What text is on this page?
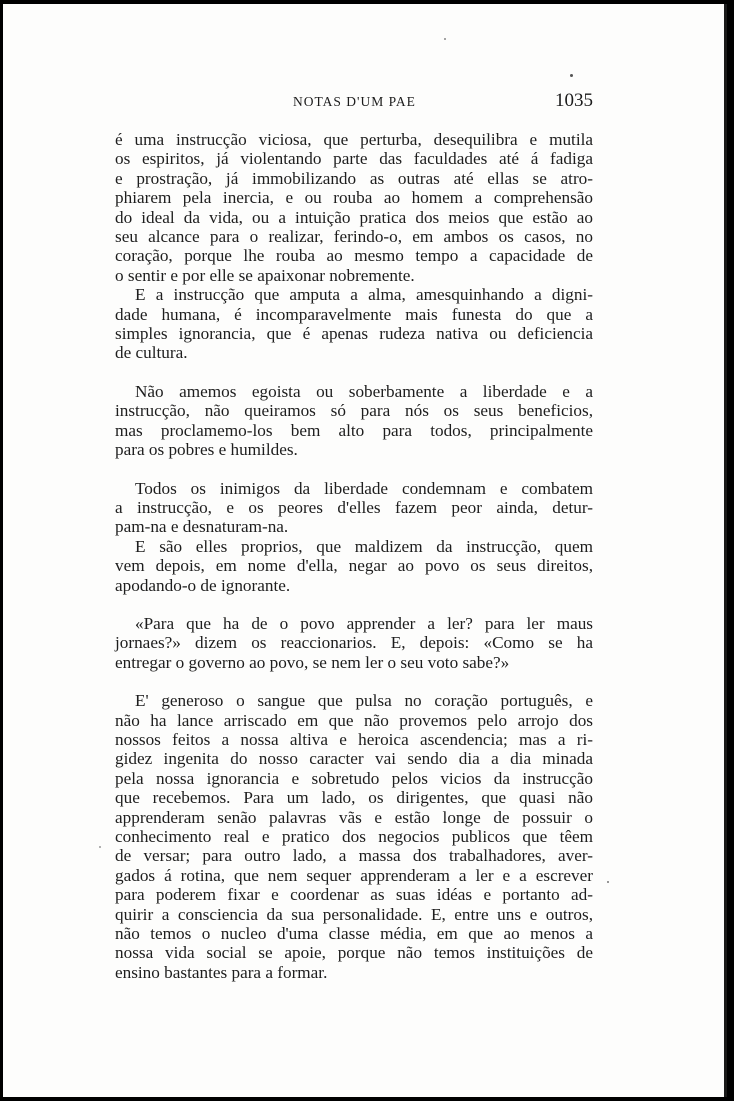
NOTAS D'UM PAE	1035

é uma instrucção viciosa, que perturba, desequilibra e mutila
os espiritos, já violentando parte das faculdades até á fadiga
e prostração, já immobilizando as outras até ellas se atro-
phiarem pela inercia, e ou rouba ao homem a comprehensão
do ideal da vida, ou a intuição pratica dos meios que estão ao
seu alcance para o realizar, ferindo-o, em ambos os casos, no
coração, porque lhe rouba ao mesmo tempo a capacidade de
o sentir e por elle se apaixonar nobremente.

E a instrucção que amputa a alma, amesquinhando a digni-
dade humana, é incomparavelmente mais funesta do que a
simples ignorancia, que é apenas rudeza nativa ou deficiencia
de cultura.

Não amemos egoista ou soberbamente a liberdade e a
instrucção, não queiramos só para nós os seus beneficios,
mas proclamemo-los bem alto para todos, principalmente
para os pobres e humildes.

Todos os inimigos da liberdade condemnam e combatem
a instrucção, e os peores d'elles fazem peor ainda, detur-
pam-na e desnaturam-na.

E são elles proprios, que maldizem da instrucção, quem
vem depois, em nome d'ella, negar ao povo os seus direitos,
apodando-o de ignorante.

«Para que ha de o povo apprender a ler? para ler maus
jornaes?» dizem os reaccionarios. E, depois: «Como se ha
entregar o governo ao povo, se nem ler o seu voto sabe?»

E' generoso o sangue que pulsa no coração português, e
não ha lance arriscado em que não provemos pelo arrojo dos
nossos feitos a nossa altiva e heroica ascendencia; mas a ri-
gidez ingenita do nosso caracter vai sendo dia a dia minada
pela nossa ignorancia e sobretudo pelos vicios da instrucção
que recebemos. Para um lado, os dirigentes, que quasi não
apprenderam senão palavras vãs e estão longe de possuir o
conhecimento real e pratico dos negocios publicos que têem
de versar; para outro lado, a massa dos trabalhadores, aver-
gados á rotina, que nem sequer apprenderam a ler e a escrever
para poderem fixar e coordenar as suas idéas e portanto ad-
quirir a consciencia da sua personalidade. E, entre uns e outros,
não temos o nucleo d'uma classe média, em que ao menos a
nossa vida social se apoie, porque não temos instituições de
ensino bastantes para a formar.
